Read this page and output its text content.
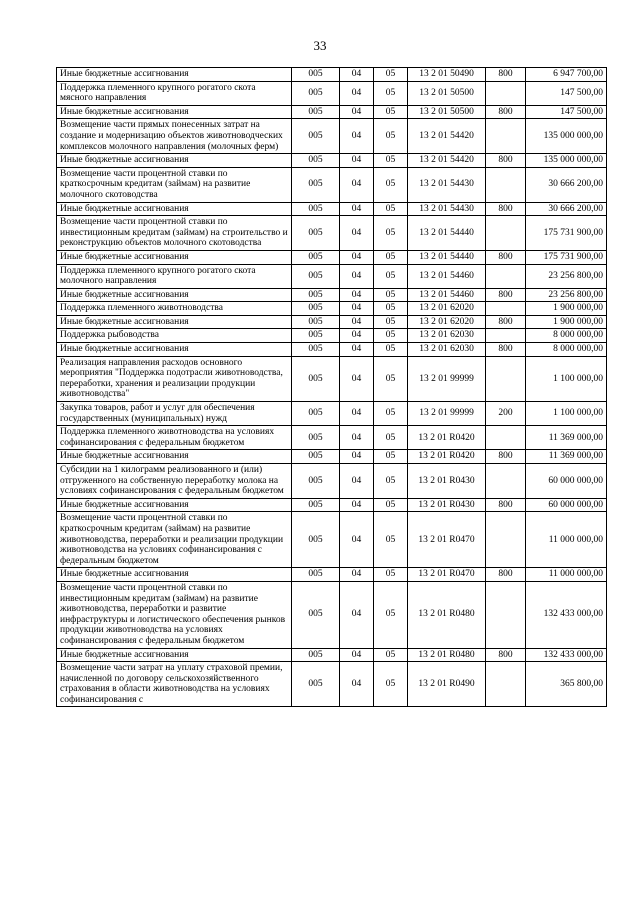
33
Иные бюджетные ассигнования	005	04	05	13 2 01 50490	800	6 947 700,00
Поддержка племенного крупного рогатого скота мясного направления	005	04	05	13 2 01 50500		147 500,00
Иные бюджетные ассигнования	005	04	05	13 2 01 50500	800	147 500,00
Возмещение части прямых понесенных затрат на создание и модернизацию объектов животноводческих комплексов молочного направления (молочных ферм)	005	04	05	13 2 01 54420		135 000 000,00
Иные бюджетные ассигнования	005	04	05	13 2 01 54420	800	135 000 000,00
Возмещение части процентной ставки по краткосрочным кредитам (займам) на развитие молочного скотоводства	005	04	05	13 2 01 54430		30 666 200,00
Иные бюджетные ассигнования	005	04	05	13 2 01 54430	800	30 666 200,00
Возмещение части процентной ставки по инвестиционным кредитам (займам) на строительство и реконструкцию объектов молочного скотоводства	005	04	05	13 2 01 54440		175 731 900,00
Иные бюджетные ассигнования	005	04	05	13 2 01 54440	800	175 731 900,00
Поддержка племенного крупного рогатого скота молочного направления	005	04	05	13 2 01 54460		23 256 800,00
Иные бюджетные ассигнования	005	04	05	13 2 01 54460	800	23 256 800,00
Поддержка племенного животноводства	005	04	05	13 2 01 62020		1 900 000,00
Иные бюджетные ассигнования	005	04	05	13 2 01 62020	800	1 900 000,00
Поддержка рыбоводства	005	04	05	13 2 01 62030		8 000 000,00
Иные бюджетные ассигнования	005	04	05	13 2 01 62030	800	8 000 000,00
Реализация направления расходов основного мероприятия "Поддержка подотрасли животноводства, переработки, хранения и реализации продукции животноводства"	005	04	05	13 2 01 99999		1 100 000,00
Закупка товаров, работ и услуг для обеспечения государственных (муниципальных) нужд	005	04	05	13 2 01 99999	200	1 100 000,00
Поддержка племенного животноводства на условиях софинансирования с федеральным бюджетом	005	04	05	13 2 01 R0420		11 369 000,00
Иные бюджетные ассигнования	005	04	05	13 2 01 R0420	800	11 369 000,00
Субсидии на 1 килограмм реализованного и (или) отгруженного на собственную переработку молока на условиях софинансирования с федеральным бюджетом	005	04	05	13 2 01 R0430		60 000 000,00
Иные бюджетные ассигнования	005	04	05	13 2 01 R0430	800	60 000 000,00
Возмещение части процентной ставки по краткосрочным кредитам (займам) на развитие животноводства, переработки и реализации продукции животноводства на условиях софинансирования с федеральным бюджетом	005	04	05	13 2 01 R0470		11 000 000,00
Иные бюджетные ассигнования	005	04	05	13 2 01 R0470	800	11 000 000,00
Возмещение части процентной ставки по инвестиционным кредитам (займам) на развитие животноводства, переработки и развитие инфраструктуры и логистического обеспечения рынков продукции животноводства на условиях софинансирования с федеральным бюджетом	005	04	05	13 2 01 R0480		132 433 000,00
Иные бюджетные ассигнования	005	04	05	13 2 01 R0480	800	132 433 000,00
Возмещение части затрат на уплату страховой премии, начисленной по договору сельскохозяйственного страхования в области животноводства на условиях софинансирования с	005	04	05	13 2 01 R0490		365 800,00
